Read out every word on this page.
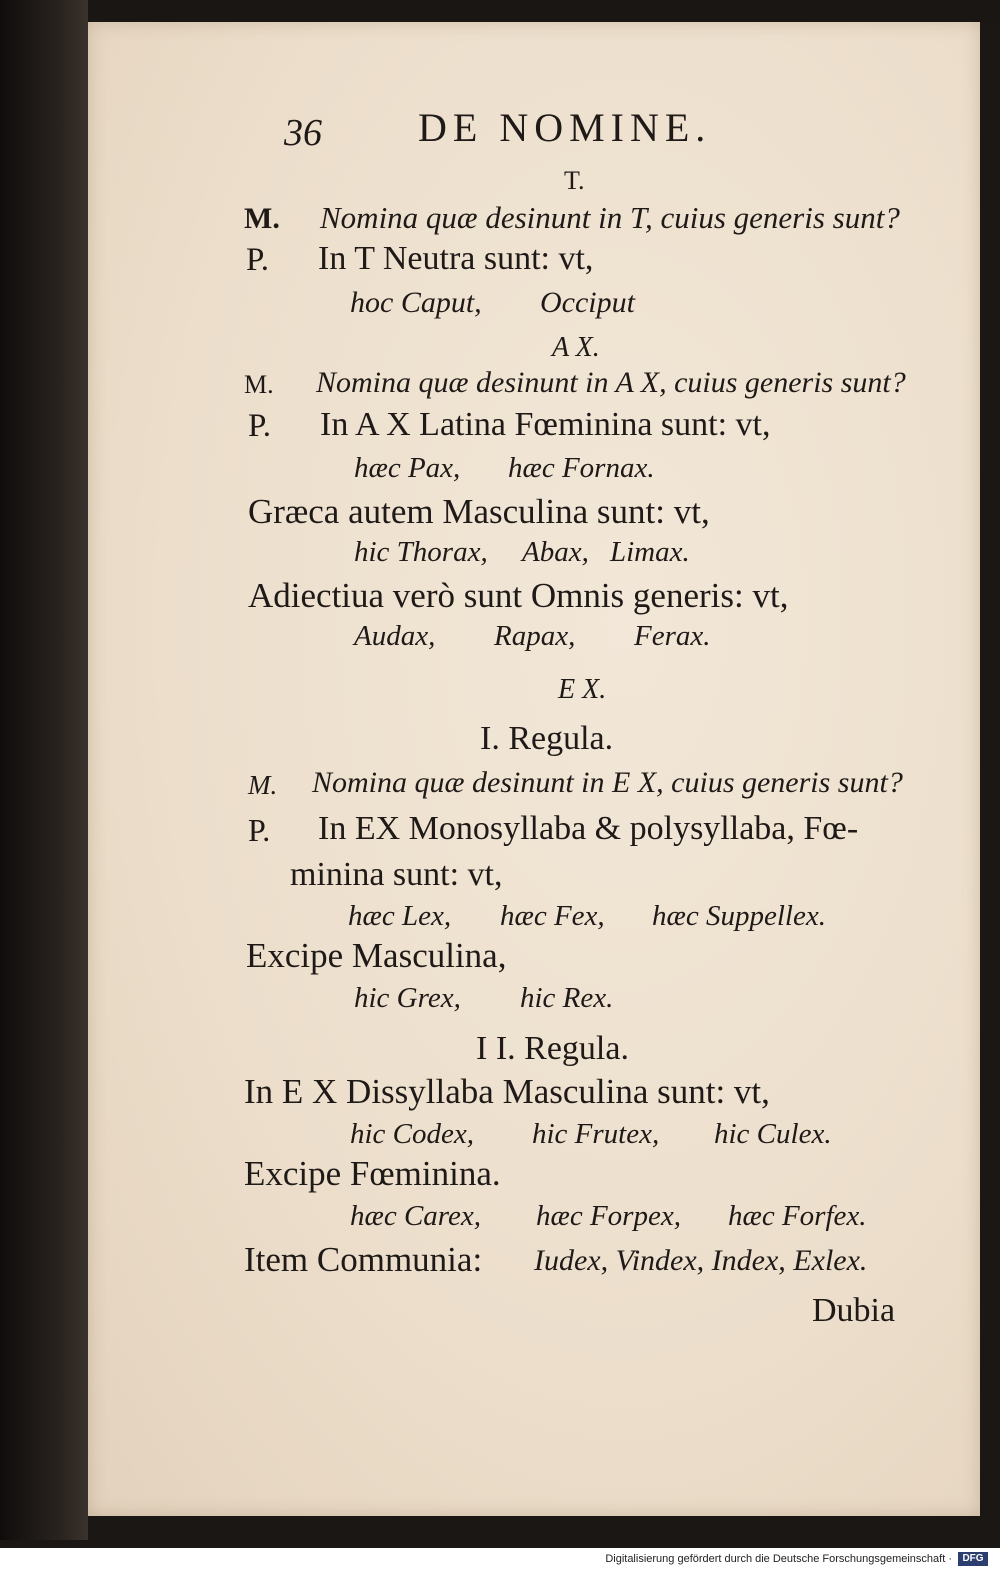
36 DE NOMINE.
T.
M. Nomina quæ desinunt in T, cuius generis sunt?
P. In T Neutra sunt: vt,
hoc Caput, Occiput
A X.
M. Nomina quæ desinunt in A X, cuius generis sunt?
P. In A X Latina Fœminina sunt: vt,
hæc Pax, hæc Fornax.
Græca autem Masculina sunt: vt,
hic Thorax, Abax, Limax.
Adiectiua verò sunt Omnis generis: vt,
Audax, Rapax, Ferax.
E X.
I. Regula.
M. Nomina quæ desinunt in E X, cuius generis sunt?
P. In EX Monosyllaba & polysyllaba, Fœ-
minina sunt: vt,
hæc Lex, hæc Fex, hæc Suppellex.
Excipe Masculina,
hic Grex, hic Rex.
I I. Regula.
In E X Dissyllaba Masculina sunt: vt,
hic Codex, hic Frutex, hic Culex.
Excipe Fœminina.
hæc Carex, hæc Forpex, hæc Forfex.
Item Communia: Iudex, Vindex, Index, Exlex.
Dubia
Digitalisierung gefördert durch die Deutsche Forschungsgemeinschaft ·	DFG
